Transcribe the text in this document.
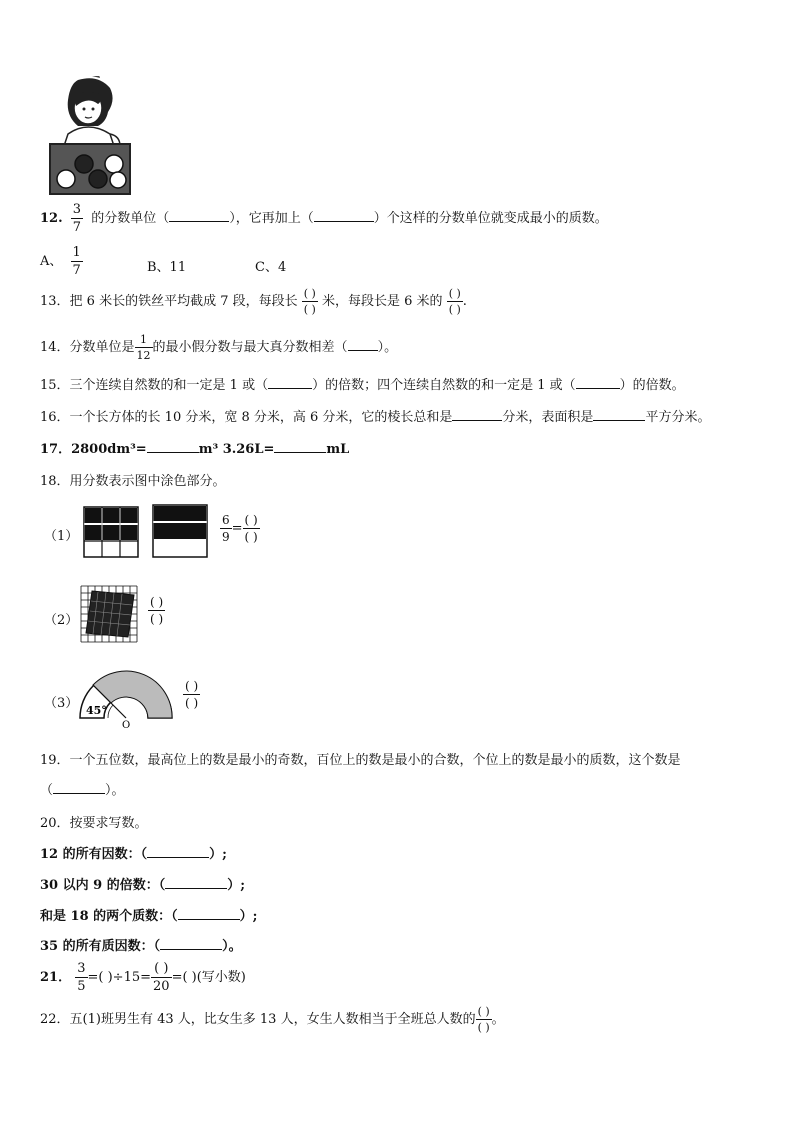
12. $\frac{3}{7}$ 的分数单位（	），它再加上（	）个这样的分数单位就变成最小的质数。
A、 $\frac{1}{7}$	B、11	C、4
13．把 6 米长的铁丝平均截成 7 段，每段长 $\frac{( )}{( )}$ 米，每段长是 6 米的 $\frac{( )}{( )}$ .
14．分数单位是 $\frac{1}{12}$ 的最小假分数与最大真分数相差（ ）。
15．三个连续自然数的和一定是 1 或（	）的倍数；四个连续自然数的和一定是 1 或（	）的倍数。
16．一个长方体的长 10 分米，宽 8 分米，高 6 分米，它的棱长总和是	分米，表面积是	平方分米。
17．2800dm³=	m³ 3.26L=	mL
18．用分数表示图中涂色部分。
（1）	$\frac{6}{9} = \frac{( )}{( )}$
（2）	$\frac{( )}{( )}$
（3） 45°
O
$\frac{( )}{( )}$
19．一个五位数，最高位上的数是最小的奇数，百位上的数是最小的合数，个位上的数是最小的质数，这个数是
（	）。
20．按要求写数。
12 的所有因数：（	）;
30 以内 9 的倍数：（	）;
和是 18 的两个质数：（	）;
35 的所有质因数：（	）。
21． $\frac{3}{5}$ =( )$\div 15= \frac{( )}{20}$ =( )(写小数)
22．五(1)班男生有 43 人，比女生多 13 人，女生人数相当于全班总人数的 $\frac{( )}{( )}$ 。
